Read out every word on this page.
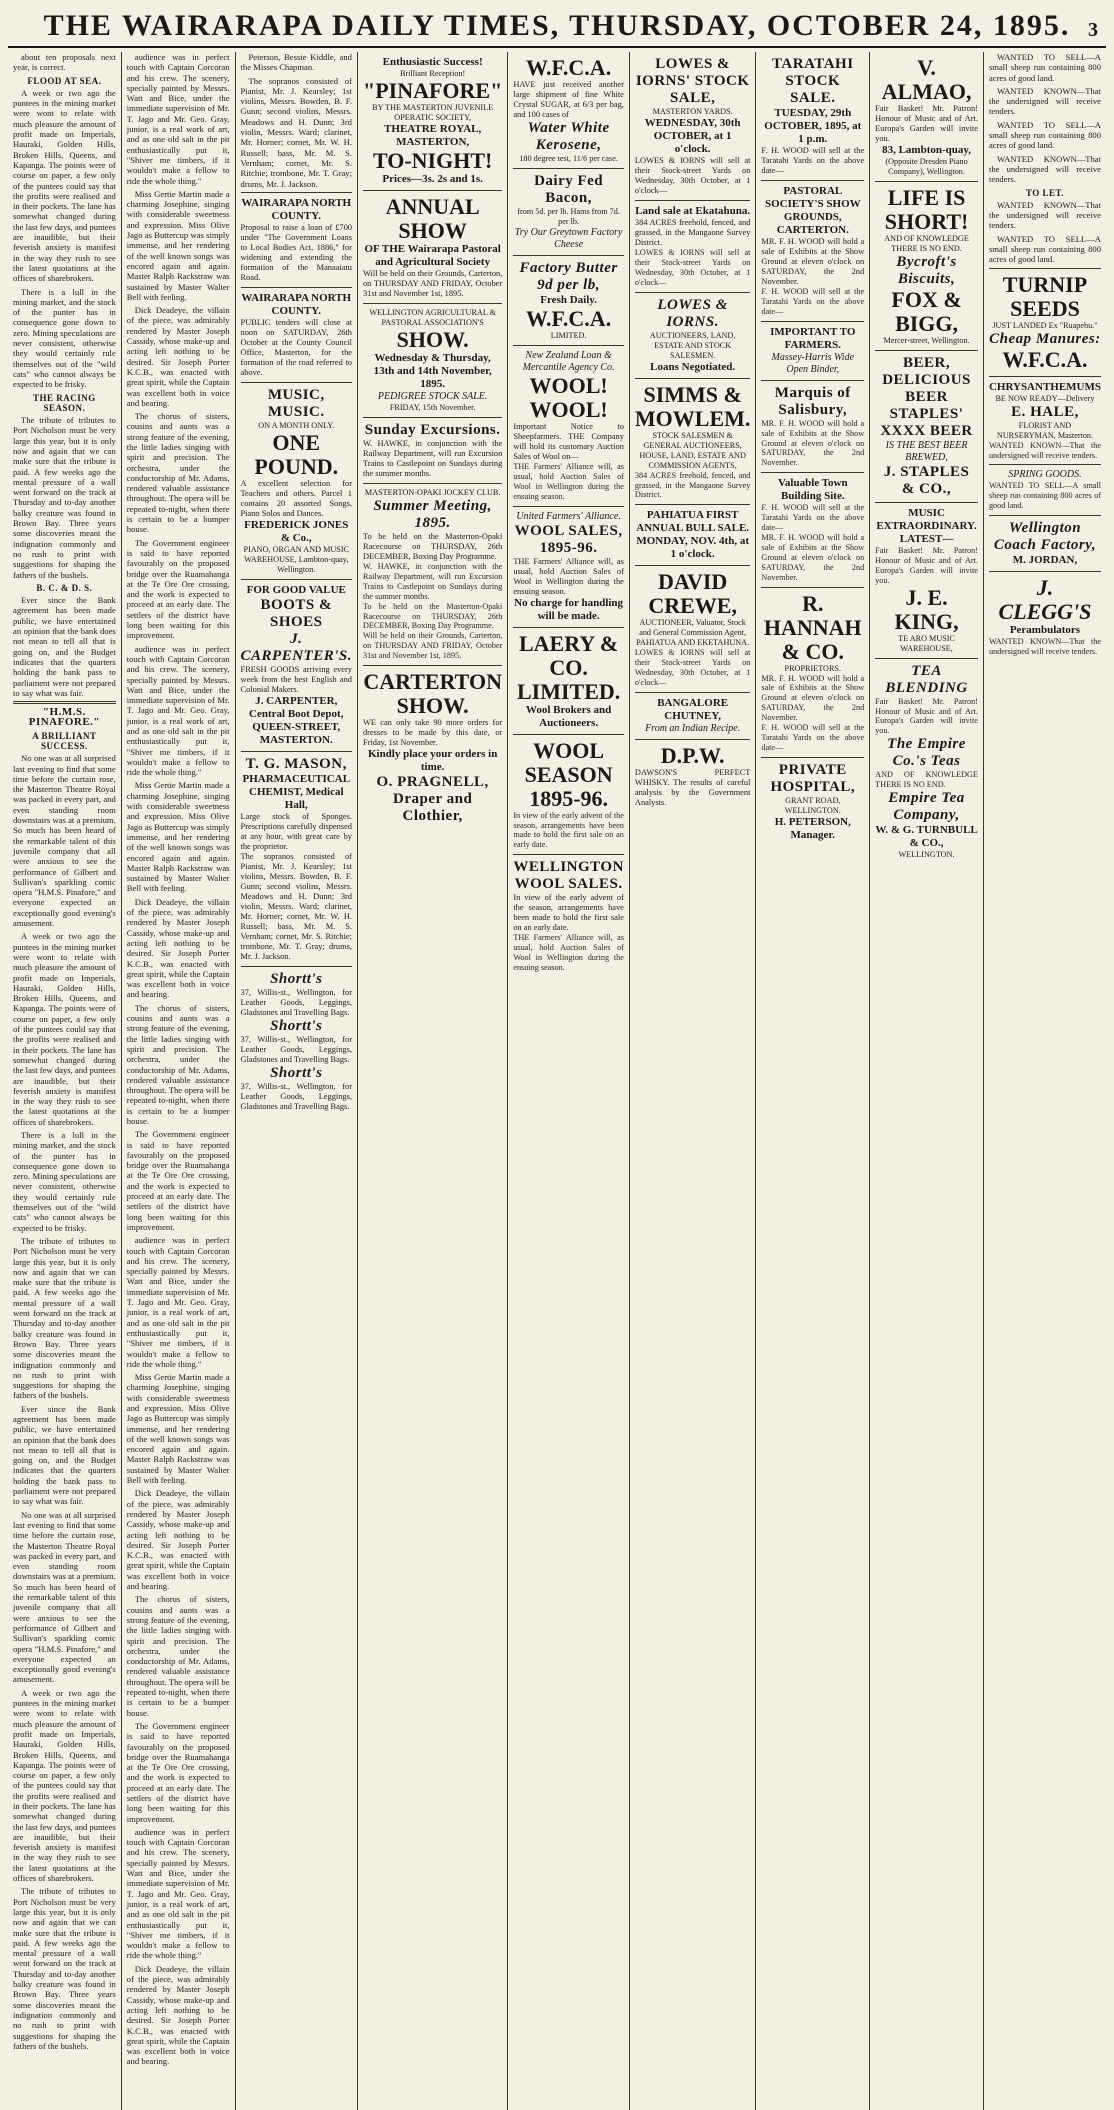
THE WAIRARAPA DAILY TIMES, THURSDAY, OCTOBER 24, 1895. 3

about ten proposals next year, is correct.

FLOOD AT SEA.

A week or two ago the puntees in the mining market were wont to relate with much pleasure the amount of profit made on Imperials, Hauraki, Golden Hills, Broken Hills, Queens, and Kapanga. The points were of course on paper, a few only of the puntees could say that the profits were realised and in their pockets. The lane has somewhat changed during the last few days, and puntees are inaudible, but their feverish anxiety is manifest in the way they rush to see the latest quotations at the offices of sharebrokers.

There is a lull in the mining market, and the stock of the punter has in consequence gone down to zero. Mining speculations are never consistent, otherwise they would certainly rule themselves out of the "wild cats" who cannot always be expected to be frisky.

THE RACING SEASON.

The tribute of tributes to Port Nicholson must be very large this year, but it is only now and again that we can make sure that the tribute is paid. A few weeks ago the mental pressure of a wall went forward on the track at Thursday and to-day another balky creature was found in Brown Bay. Three years some discoveries meant the indignation commonly and no rush to print with suggestions for shaping the fathers of the bushels.

B. C. & D. S.

Ever since the Bank agreement has been made public, we have entertained an opinion that the bank does not mean to tell all that is going on, and the Budget indicates that the quarters holding the bank pass to parliament were not prepared to say what was fair.

"H.M.S. PINAFORE."
A BRILLIANT SUCCESS.

No one was at all surprised last evening to find that some time before the curtain rose, the Masterton Theatre Royal was packed in every part, and even standing room downstairs was at a premium. So much has been heard of the remarkable talent of this juvenile company that all were anxious to see the performance of Gilbert and Sullivan's sparkling comic opera "H.M.S. Pinafore," and everyone expected an exceptionally good evening's amusement.

A week or two ago the puntees in the mining market were wont to relate with much pleasure the amount of profit made on Imperials, Hauraki, Golden Hills, Broken Hills, Queens, and Kapanga. The points were of course on paper, a few only of the puntees could say that the profits were realised and in their pockets. The lane has somewhat changed during the last few days, and puntees are inaudible, but their feverish anxiety is manifest in the way they rush to see the latest quotations at the offices of sharebrokers.

There is a lull in the mining market, and the stock of the punter has in consequence gone down to zero. Mining speculations are never consistent, otherwise they would certainly rule themselves out of the "wild cats" who cannot always be expected to be frisky.

The tribute of tributes to Port Nicholson must be very large this year, but it is only now and again that we can make sure that the tribute is paid. A few weeks ago the mental pressure of a wall went forward on the track at Thursday and to-day another balky creature was found in Brown Bay. Three years some discoveries meant the indignation commonly and no rush to print with suggestions for shaping the fathers of the bushels.

Ever since the Bank agreement has been made public, we have entertained an opinion that the bank does not mean to tell all that is going on, and the Budget indicates that the quarters holding the bank pass to parliament were not prepared to say what was fair.

No one was at all surprised last evening to find that some time before the curtain rose, the Masterton Theatre Royal was packed in every part, and even standing room downstairs was at a premium. So much has been heard of the remarkable talent of this juvenile company that all were anxious to see the performance of Gilbert and Sullivan's sparkling comic opera "H.M.S. Pinafore," and everyone expected an exceptionally good evening's amusement.

A week or two ago the puntees in the mining market were wont to relate with much pleasure the amount of profit made on Imperials, Hauraki, Golden Hills, Broken Hills, Queens, and Kapanga. The points were of course on paper, a few only of the puntees could say that the profits were realised and in their pockets. The lane has somewhat changed during the last few days, and puntees are inaudible, but their feverish anxiety is manifest in the way they rush to see the latest quotations at the offices of sharebrokers.

The tribute of tributes to Port Nicholson must be very large this year, but it is only now and again that we can make sure that the tribute is paid. A few weeks ago the mental pressure of a wall went forward on the track at Thursday and to-day another balky creature was found in Brown Bay. Three years some discoveries meant the indignation commonly and no rush to print with suggestions for shaping the fathers of the bushels.

audience was in perfect touch with Captain Corcoran and his crew. The scenery, specially painted by Messrs. Watt and Bice, under the immediate supervision of Mr. T. Jago and Mr. Geo. Gray, junior, is a real work of art, and as one old salt in the pit enthusiastically put it, "Shiver me timbers, if it wouldn't make a fellow to ride the whole thing."

Miss Gertie Martin made a charming Josephine, singing with considerable sweetness and expression. Miss Olive Jago as Buttercup was simply immense, and her rendering of the well known songs was encored again and again. Master Ralph Rackstraw was sustained by Master Walter Bell with feeling.

Dick Deadeye, the villain of the piece, was admirably rendered by Master Joseph Cassidy, whose make-up and acting left nothing to be desired. Sir Joseph Porter K.C.B., was enacted with great spirit, while the Captain was excellent both in voice and bearing.

The chorus of sisters, cousins and aunts was a strong feature of the evening, the little ladies singing with spirit and precision. The orchestra, under the conductorship of Mr. Adams, rendered valuable assistance throughout. The opera will be repeated to-night, when there is certain to be a bumper house.

The Government engineer is said to have reported favourably on the proposed bridge over the Ruamahanga at the Te Ore Ore crossing, and the work is expected to proceed at an early date. The settlers of the district have long been waiting for this improvement.

audience was in perfect touch with Captain Corcoran and his crew. The scenery, specially painted by Messrs. Watt and Bice, under the immediate supervision of Mr. T. Jago and Mr. Geo. Gray, junior, is a real work of art, and as one old salt in the pit enthusiastically put it, "Shiver me timbers, if it wouldn't make a fellow to ride the whole thing."

Miss Gertie Martin made a charming Josephine, singing with considerable sweetness and expression. Miss Olive Jago as Buttercup was simply immense, and her rendering of the well known songs was encored again and again. Master Ralph Rackstraw was sustained by Master Walter Bell with feeling.

Dick Deadeye, the villain of the piece, was admirably rendered by Master Joseph Cassidy, whose make-up and acting left nothing to be desired. Sir Joseph Porter K.C.B., was enacted with great spirit, while the Captain was excellent both in voice and bearing.

The chorus of sisters, cousins and aunts was a strong feature of the evening, the little ladies singing with spirit and precision. The orchestra, under the conductorship of Mr. Adams, rendered valuable assistance throughout. The opera will be repeated to-night, when there is certain to be a bumper house.

The Government engineer is said to have reported favourably on the proposed bridge over the Ruamahanga at the Te Ore Ore crossing, and the work is expected to proceed at an early date. The settlers of the district have long been waiting for this improvement.

audience was in perfect touch with Captain Corcoran and his crew. The scenery, specially painted by Messrs. Watt and Bice, under the immediate supervision of Mr. T. Jago and Mr. Geo. Gray, junior, is a real work of art, and as one old salt in the pit enthusiastically put it, "Shiver me timbers, if it wouldn't make a fellow to ride the whole thing."

Miss Gertie Martin made a charming Josephine, singing with considerable sweetness and expression. Miss Olive Jago as Buttercup was simply immense, and her rendering of the well known songs was encored again and again. Master Ralph Rackstraw was sustained by Master Walter Bell with feeling.

Dick Deadeye, the villain of the piece, was admirably rendered by Master Joseph Cassidy, whose make-up and acting left nothing to be desired. Sir Joseph Porter K.C.B., was enacted with great spirit, while the Captain was excellent both in voice and bearing.

The chorus of sisters, cousins and aunts was a strong feature of the evening, the little ladies singing with spirit and precision. The orchestra, under the conductorship of Mr. Adams, rendered valuable assistance throughout. The opera will be repeated to-night, when there is certain to be a bumper house.

The Government engineer is said to have reported favourably on the proposed bridge over the Ruamahanga at the Te Ore Ore crossing, and the work is expected to proceed at an early date. The settlers of the district have long been waiting for this improvement.

audience was in perfect touch with Captain Corcoran and his crew. The scenery, specially painted by Messrs. Watt and Bice, under the immediate supervision of Mr. T. Jago and Mr. Geo. Gray, junior, is a real work of art, and as one old salt in the pit enthusiastically put it, "Shiver me timbers, if it wouldn't make a fellow to ride the whole thing."

Dick Deadeye, the villain of the piece, was admirably rendered by Master Joseph Cassidy, whose make-up and acting left nothing to be desired. Sir Joseph Porter K.C.B., was enacted with great spirit, while the Captain was excellent both in voice and bearing.

Peterson, Bessie Kiddle, and the Misses Chapman.

The sopranos consisted of Pianist, Mr. J. Kearsley; 1st violins, Messrs. Bowden, B. F. Gunn; second violins, Messrs. Meadows and H. Dunn; 3rd violin, Messrs. Ward; clarinet, Mr. Horner; cornet, Mr. W. H. Russell; bass, Mr. M. S. Vernham; cornet, Mr. S. Ritchie; trombone, Mr. T. Gray; drums, Mr. J. Jackson.

WAIRARAPA NORTH COUNTY.
Proposal to raise a loan of £700 under "The Government Loans to Local Bodies Act, 1886," for widening and extending the formation of the Manaaiatu Road.
WAIRARAPA NORTH COUNTY.
PUBLIC tenders will close at noon on SATURDAY, 26th October at the County Council Office, Masterton, for the formation of the road referred to above.
MUSIC, MUSIC.
ON A MONTH ONLY.
ONE POUND.
A excellent selection for Teachers and others. Parcel 1 contains 20 assorted Songs, Piano Solos and Dances.
FREDERICK JONES & Co.,
PIANO, ORGAN AND MUSIC WAREHOUSE, Lambton-quay, Wellington.
FOR GOOD VALUE
BOOTS & SHOES
J. CARPENTER'S.
FRESH GOODS arriving every week from the best English and Colonial Makers.
J. CARPENTER, Central Boot Depot, QUEEN-STREET, MASTERTON.
T. G. MASON,
PHARMACEUTICAL CHEMIST, Medical Hall,
Large stock of Sponges. Prescriptions carefully dispensed at any hour, with great care by the proprietor.
The sopranos consisted of Pianist, Mr. J. Kearsley; 1st violins, Messrs. Bowden, B. F. Gunn; second violins, Messrs. Meadows and H. Dunn; 3rd violin, Messrs. Ward; clarinet, Mr. Horner; cornet, Mr. W. H. Russell; bass, Mr. M. S. Vernham; cornet, Mr. S. Ritchie; trombone, Mr. T. Gray; drums, Mr. J. Jackson.
Shortt's
37, Willis-st., Wellington, for Leather Goods, Leggings, Gladstones and Travelling Bags.
Shortt's
37, Willis-st., Wellington, for Leather Goods, Leggings, Gladstones and Travelling Bags.
Shortt's
37, Willis-st., Wellington, for Leather Goods, Leggings, Gladstones and Travelling Bags.
Enthusiastic Success!
Brilliant Reception!
"PINAFORE"
BY THE MASTERTON JUVENILE OPERATIC SOCIETY,
THEATRE ROYAL, MASTERTON,
TO-NIGHT!
Prices—3s. 2s and 1s.
ANNUAL SHOW
OF THE Wairarapa Pastoral and Agricultural Society
Will be held on their Grounds, Carterton, on THURSDAY AND FRIDAY, October 31st and November 1st, 1895.
WELLINGTON AGRICULTURAL & PASTORAL ASSOCIATION'S
SHOW.
Wednesday & Thursday, 13th and 14th November, 1895.
PEDIGREE STOCK SALE.
FRIDAY, 15th November.
Sunday Excursions.
W. HAWKE, in conjunction with the Railway Department, will run Excursion Trains to Castlepoint on Sundays during the summer months.
MASTERTON-OPAKI JOCKEY CLUB.
Summer Meeting, 1895.
To be held on the Masterton-Opaki Racecourse on THURSDAY, 26th DECEMBER, Boxing Day Programme.
W. HAWKE, in conjunction with the Railway Department, will run Excursion Trains to Castlepoint on Sundays during the summer months.
To be held on the Masterton-Opaki Racecourse on THURSDAY, 26th DECEMBER, Boxing Day Programme.
Will be held on their Grounds, Carterton, on THURSDAY AND FRIDAY, October 31st and November 1st, 1895.
CARTERTON SHOW.
WE can only take 90 more orders for dresses to be made by this date, or Friday, 1st November.
Kindly place your orders in time.
O. PRAGNELL, Draper and Clothier,
W.F.C.A.
HAVE just received another large shipment of fine White Crystal SUGAR, at 6/3 per bag, and 100 cases of
Water White Kerosene,
180 degree test, 11/6 per case.
Dairy Fed Bacon,
from 5d. per lb. Hams from 7d. per lb.
Try Our Greytown Factory Cheese
Factory Butter 9d per lb,
Fresh Daily.
W.F.C.A.
LIMITED.
New Zealand Loan & Mercantile Agency Co.
WOOL! WOOL!
Important Notice to Sheepfarmers. THE Company will hold its customary Auction Sales of Wool on—
THE Farmers' Alliance will, as usual, hold Auction Sales of Wool in Wellington during the ensuing season.
United Farmers' Alliance.
WOOL SALES, 1895-96.
THE Farmers' Alliance will, as usual, hold Auction Sales of Wool in Wellington during the ensuing season.
No charge for handling will be made.
LAERY & CO. LIMITED.
Wool Brokers and Auctioneers.
WOOL SEASON 1895-96.
In view of the early advent of the season, arrangements have been made to hold the first sale on an early date.
WELLINGTON WOOL SALES.
In view of the early advent of the season, arrangements have been made to hold the first sale on an early date.
THE Farmers' Alliance will, as usual, hold Auction Sales of Wool in Wellington during the ensuing season.
LOWES & IORNS' STOCK SALE,
MASTERTON YARDS.
WEDNESDAY, 30th OCTOBER, at 1 o'clock.
LOWES & IORNS will sell at their Stock-street Yards on Wednesday, 30th October, at 1 o'clock—
Land sale at Ekatahuna.
384 ACRES freehold, fenced, and grassed, in the Mangaone Survey District.
LOWES & IORNS will sell at their Stock-street Yards on Wednesday, 30th October, at 1 o'clock—
LOWES & IORNS.
AUCTIONEERS, LAND, ESTATE AND STOCK SALESMEN.
Loans Negotiated.
SIMMS & MOWLEM.
STOCK SALESMEN & GENERAL AUCTIONEERS, HOUSE, LAND, ESTATE AND COMMISSION AGENTS,
384 ACRES freehold, fenced, and grassed, in the Mangaone Survey District.
PAHIATUA FIRST ANNUAL BULL SALE.
MONDAY, NOV. 4th, at 1 o'clock.
DAVID CREWE,
AUCTIONEER, Valuator, Stock and General Commission Agent, PAHIATUA AND EKETAHUNA.
LOWES & IORNS will sell at their Stock-street Yards on Wednesday, 30th October, at 1 o'clock—
BANGALORE CHUTNEY,
From an Indian Recipe.
D.P.W.
DAWSON'S PERFECT WHISKY. The results of careful analysis by the Government Analysts.
TARATAHI STOCK SALE.
TUESDAY, 29th OCTOBER, 1895, at 1 p.m.
F. H. WOOD will sell at the Taratahi Yards on the above date—
PASTORAL SOCIETY'S SHOW GROUNDS, CARTERTON.
MR. F. H. WOOD will hold a sale of Exhibits at the Show Ground at eleven o'clock on SATURDAY, the 2nd November.
F. H. WOOD will sell at the Taratahi Yards on the above date—
IMPORTANT TO FARMERS.
Massey-Harris Wide Open Binder,
Marquis of Salisbury,
MR. F. H. WOOD will hold a sale of Exhibits at the Show Ground at eleven o'clock on SATURDAY, the 2nd November.
Valuable Town Building Site.
F. H. WOOD will sell at the Taratahi Yards on the above date—
MR. F. H. WOOD will hold a sale of Exhibits at the Show Ground at eleven o'clock on SATURDAY, the 2nd November.
R. HANNAH & CO.
PROPRIETORS.
MR. F. H. WOOD will hold a sale of Exhibits at the Show Ground at eleven o'clock on SATURDAY, the 2nd November.
F. H. WOOD will sell at the Taratahi Yards on the above date—
PRIVATE HOSPITAL,
GRANT ROAD, WELLINGTON.
H. PETERSON, Manager.
V. ALMAO,
Fair Basket! Mr. Patron! Honour of Music and of Art. Europa's Garden will invite you.
83, Lambton-quay,
(Opposite Dresden Piano Company), Wellington.
LIFE IS SHORT!
AND OF KNOWLEDGE THERE IS NO END.
Bycroft's Biscuits,
FOX & BIGG,
Mercer-street, Wellington.
BEER, DELICIOUS BEER
STAPLES' XXXX BEER
IS THE BEST BEER BREWED,
J. STAPLES & CO.,
MUSIC EXTRAORDINARY.
LATEST—
Fair Basket! Mr. Patron! Honour of Music and of Art. Europa's Garden will invite you.
J. E. KING,
TE ARO MUSIC WAREHOUSE,
TEA BLENDING
Fair Basket! Mr. Patron! Honour of Music and of Art. Europa's Garden will invite you.
The Empire Co.'s Teas
AND OF KNOWLEDGE THERE IS NO END.
Empire Tea Company,
W. & G. TURNBULL & CO.,
WELLINGTON.

WANTED TO SELL—A small sheep run containing 800 acres of good land.

WANTED KNOWN—That the undersigned will receive tenders.

WANTED TO SELL—A small sheep run containing 800 acres of good land.

WANTED KNOWN—That the undersigned will receive tenders.

TO LET.

WANTED KNOWN—That the undersigned will receive tenders.

WANTED TO SELL—A small sheep run containing 800 acres of good land.

TURNIP SEEDS
JUST LANDED Ex "Ruapehu."
Cheap Manures:
W.F.C.A.
CHRYSANTHEMUMS
BE NOW READY—Delivery
E. HALE,
FLORIST AND NURSERYMAN, Masterton.
WANTED KNOWN—That the undersigned will receive tenders.
SPRING GOODS.
WANTED TO SELL—A small sheep run containing 800 acres of good land.
Wellington Coach Factory,
M. JORDAN,
J. CLEGG'S
Perambulators
WANTED KNOWN—That the undersigned will receive tenders.
